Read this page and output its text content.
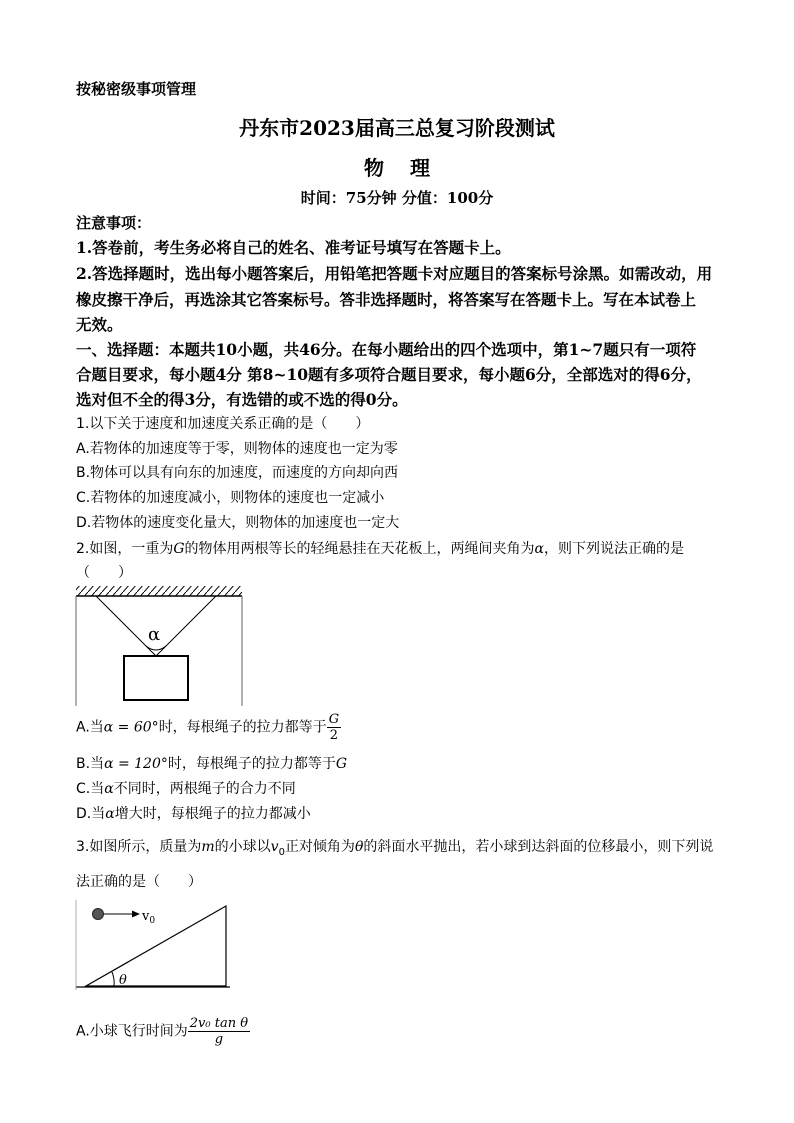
按秘密级事项管理
丹东市2023届高三总复习阶段测试
物 理
时间：75分钟 分值：100分
注意事项：
1.答卷前，考生务必将自己的姓名、准考证号填写在答题卡上。
2.答选择题时，选出每小题答案后，用铅笔把答题卡对应题目的答案标号涂黑。如需改动，用
橡皮擦干净后，再选涂其它答案标号。答非选择题时，将答案写在答题卡上。写在本试卷上
无效。
一、选择题：本题共10小题，共46分。在每小题给出的四个选项中，第1~7题只有一项符
合题目要求，每小题4分 第8~10题有多项符合题目要求，每小题6分，全部选对的得6分，
选对但不全的得3分，有选错的或不选的得0分。
1.以下关于速度和加速度关系正确的是（　　）
A.若物体的加速度等于零，则物体的速度也一定为零
B.物体可以具有向东的加速度，而速度的方向却向西
C.若物体的加速度减小，则物体的速度也一定减小
D.若物体的速度变化量大，则物体的加速度也一定大
2.如图，一重为G的物体用两根等长的轻绳悬挂在天花板上，两绳间夹角为α，则下列说法正确的是
（　　）
α
A.当α = 60°时，每根绳子的拉力都等于 $\frac{G}{2}$
B.当α = 120°时，每根绳子的拉力都等于G
C.当α不同时，两根绳子的合力不同
D.当α增大时，每根绳子的拉力都减小
3.如图所示，质量为m的小球以$v_0$正对倾角为θ的斜面水平抛出，若小球到达斜面的位移最小，则下列说
法正确的是（　　）
$v_0$
θ
A.小球飞行时间为 $\frac{\text{2v₀ tan θ}}{g}$
